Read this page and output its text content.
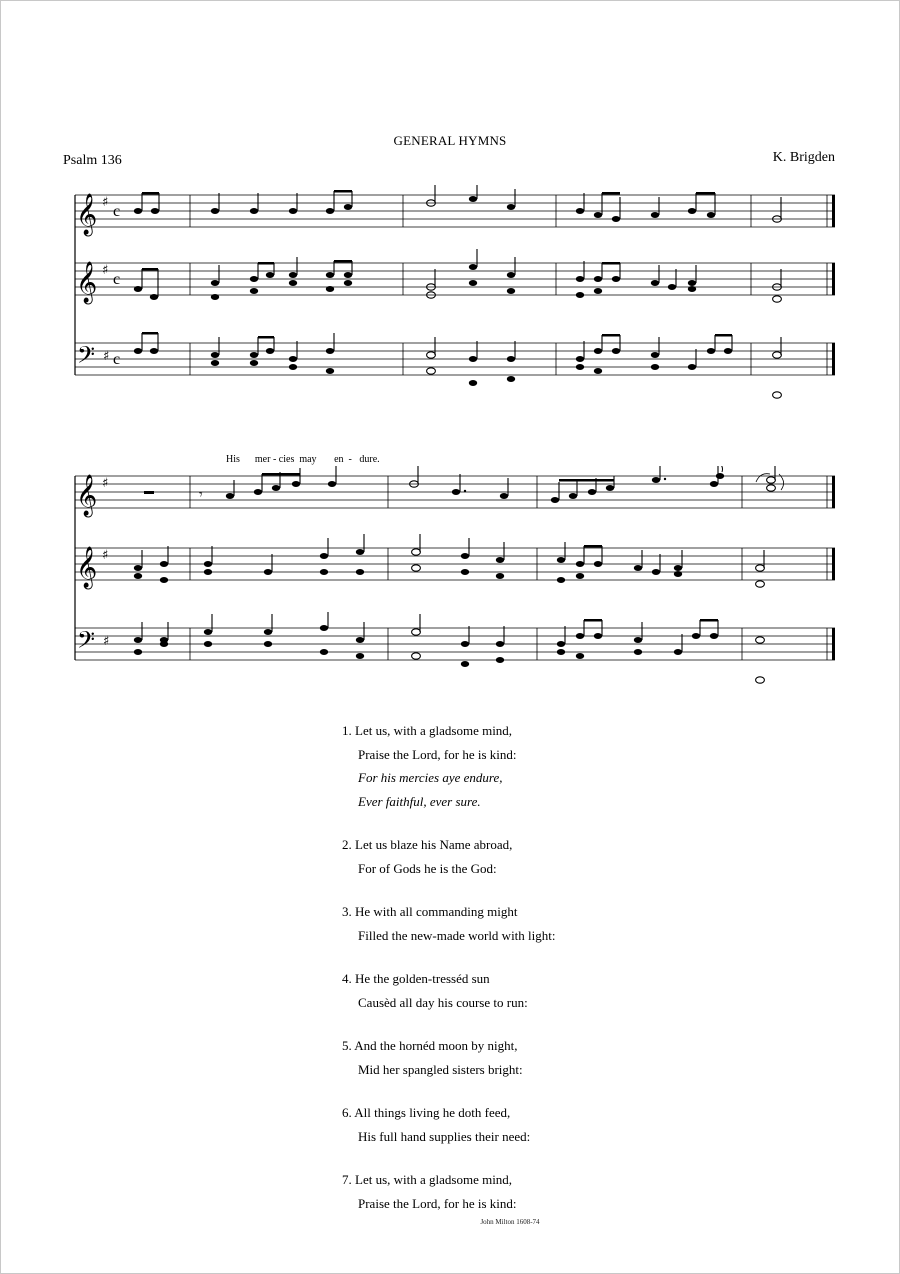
GENERAL HYMNS
Psalm 136	K. Brigden
𝄞
𝄞
𝄢
♯
♯
♯
c
c
c
His mer - cies may en - dure.
𝄞
𝄞
𝄢
♯
♯
♯
𝄾
1. Let us, with a gladsome mind,
Praise the Lord, for he is kind:
For his mercies aye endure,
Ever faithful, ever sure.
2. Let us blaze his Name abroad,
For of Gods he is the God:
3. He with all commanding might
Filled the new-made world with light:
4. He the golden-tresséd sun
Causèd all day his course to run:
5. And the hornéd moon by night,
Mid her spangled sisters bright:
6. All things living he doth feed,
His full hand supplies their need:
7. Let us, with a gladsome mind,
Praise the Lord, for he is kind:
John Milton 1608-74
